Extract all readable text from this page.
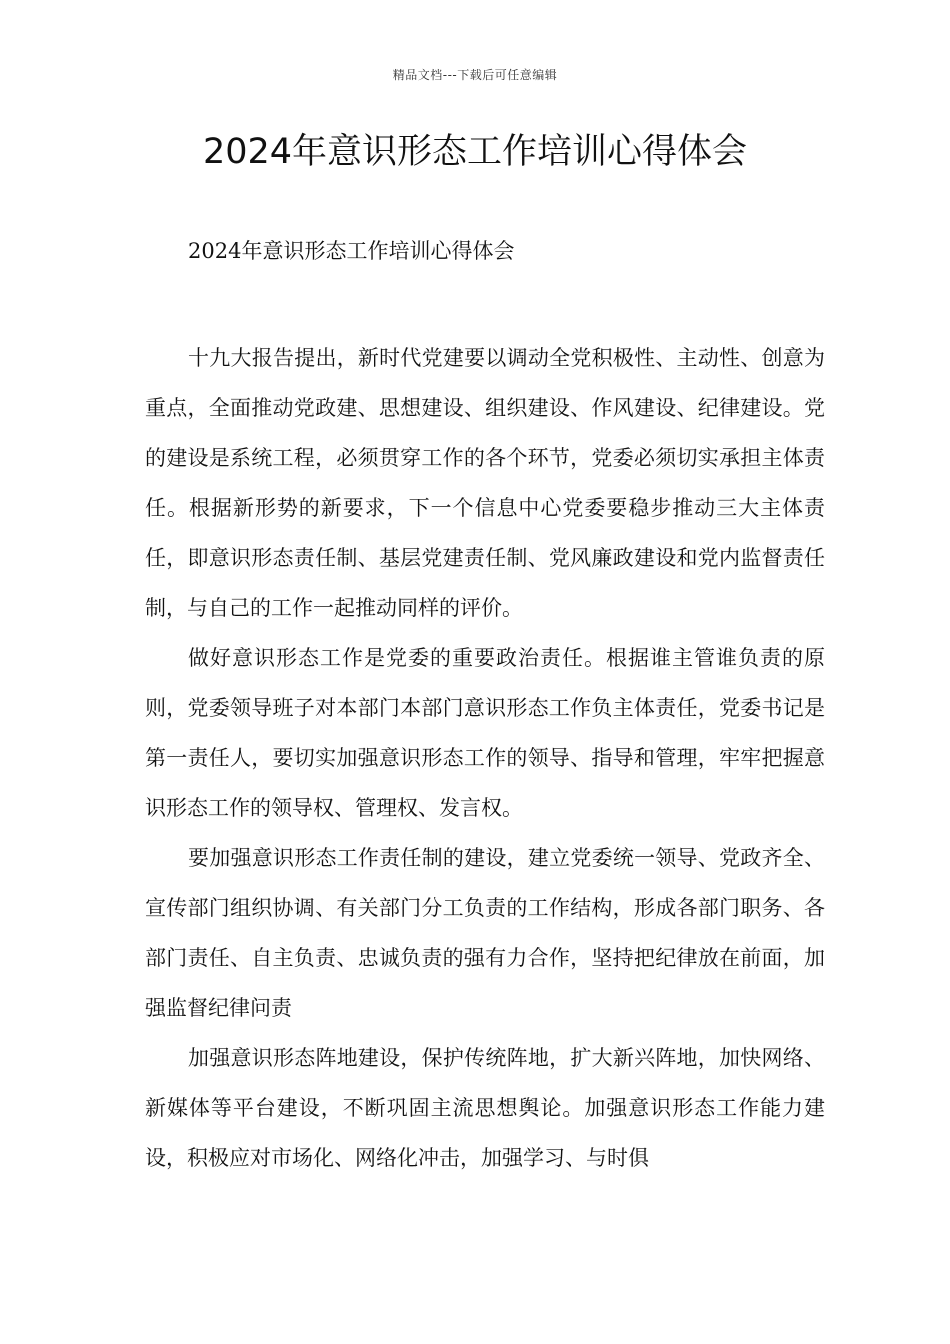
精品文档---下载后可任意编辑
2024年意识形态工作培训心得体会
2024年意识形态工作培训心得体会

十九大报告提出，新时代党建要以调动全党积极性、主动性、创意为重点，全面推动党政建、思想建设、组织建设、作风建设、纪律建设。党的建设是系统工程，必须贯穿工作的各个环节，党委必须切实承担主体责任。根据新形势的新要求，下一个信息中心党委要稳步推动三大主体责任，即意识形态责任制、基层党建责任制、党风廉政建设和党内监督责任制，与自己的工作一起推动同样的评价。

做好意识形态工作是党委的重要政治责任。根据谁主管谁负责的原则，党委领导班子对本部门本部门意识形态工作负主体责任，党委书记是第一责任人，要切实加强意识形态工作的领导、指导和管理，牢牢把握意识形态工作的领导权、管理权、发言权。

要加强意识形态工作责任制的建设，建立党委统一领导、党政齐全、宣传部门组织协调、有关部门分工负责的工作结构，形成各部门职务、各部门责任、自主负责、忠诚负责的强有力合作，坚持把纪律放在前面，加强监督纪律问责

加强意识形态阵地建设，保护传统阵地，扩大新兴阵地，加快网络、新媒体等平台建设，不断巩固主流思想舆论。加强意识形态工作能力建设，积极应对市场化、网络化冲击，加强学习、与时俱
